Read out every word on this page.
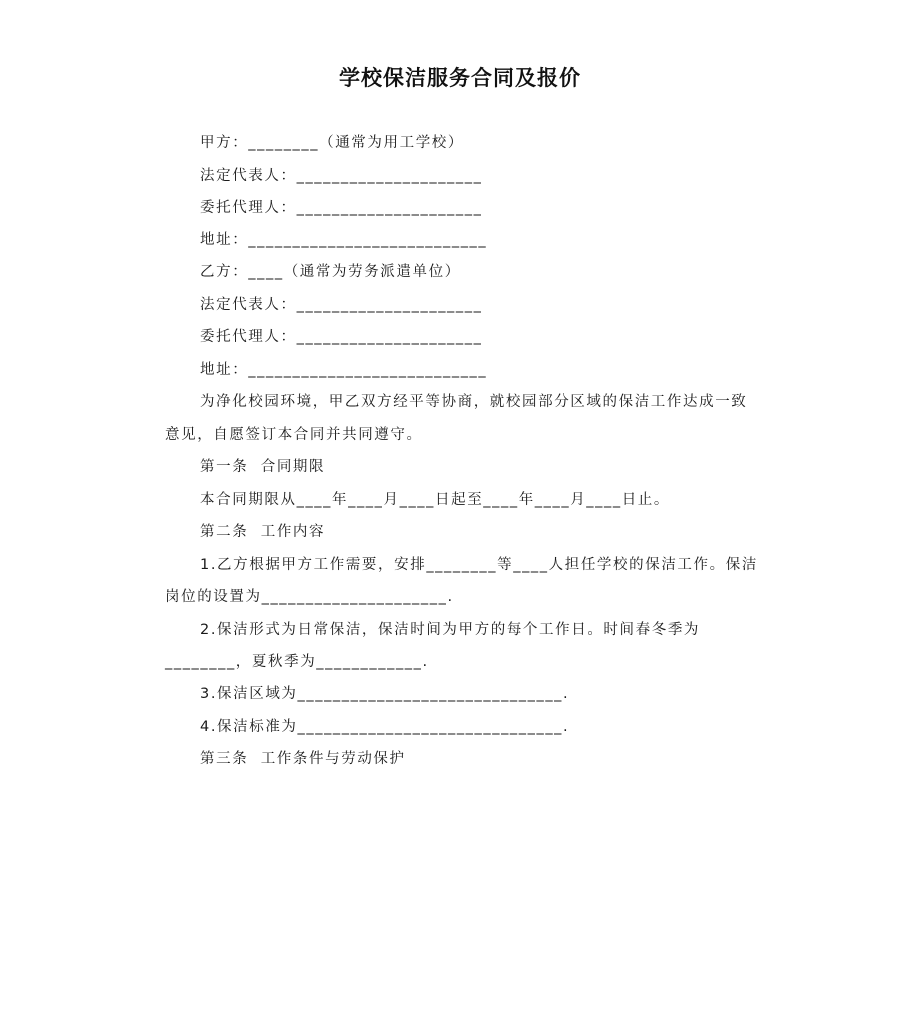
学校保洁服务合同及报价
甲方：________（通常为用工学校）
法定代表人：_____________________
委托代理人：_____________________
地址：___________________________
乙方：____（通常为劳务派遣单位）
法定代表人：_____________________
委托代理人：_____________________
地址：___________________________
为净化校园环境，甲乙双方经平等协商，就校园部分区域的保洁工作达成一致
意见，自愿签订本合同并共同遵守。
第一条  合同期限
本合同期限从____年____月____日起至____年____月____日止。
第二条  工作内容
1.乙方根据甲方工作需要，安排________等____人担任学校的保洁工作。保洁
岗位的设置为_____________________.
2.保洁形式为日常保洁，保洁时间为甲方的每个工作日。时间春冬季为
________，夏秋季为____________.
3.保洁区域为______________________________.
4.保洁标准为______________________________.
第三条  工作条件与劳动保护
